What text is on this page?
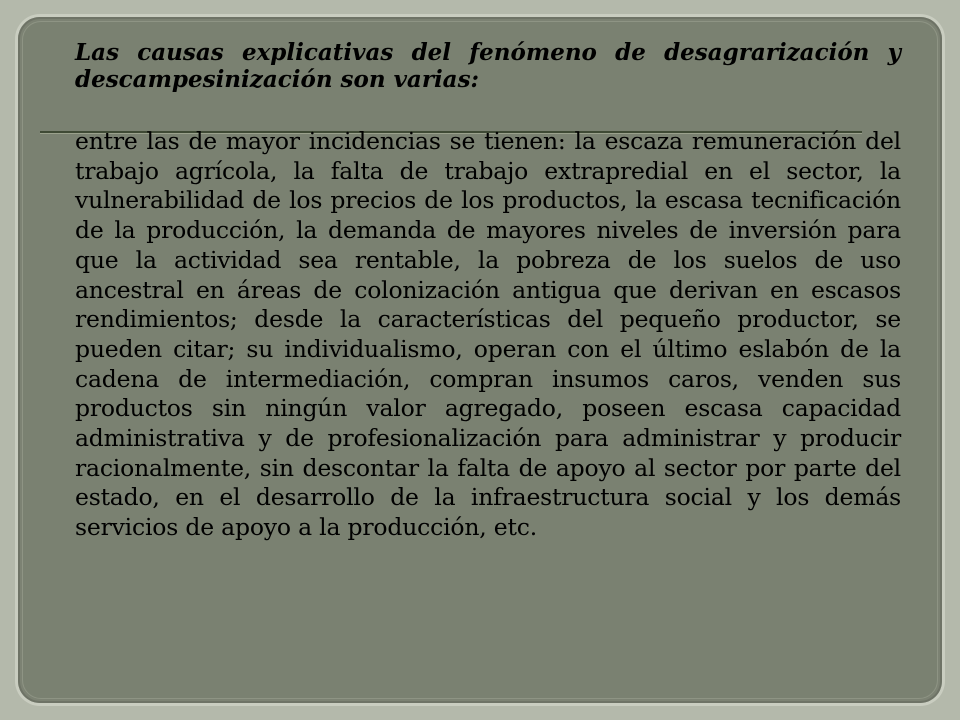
Las causas explicativas del fenómeno de desagrarización y descampesinización son varias:

entre las de mayor incidencias se tienen: la escaza remuneración del trabajo agrícola, la falta de trabajo extrapredial en el sector, la vulnerabilidad de los precios de los productos, la escasa tecnificación de la producción, la demanda de mayores niveles de inversión para que la actividad sea rentable, la pobreza de los suelos de uso ancestral en áreas de colonización antigua que derivan en escasos rendimientos; desde la características del pequeño productor, se pueden citar; su individualismo, operan con el último eslabón de la cadena de intermediación, compran insumos caros, venden sus productos sin ningún valor agregado, poseen escasa capacidad administrativa y de profesionalización para administrar y producir racionalmente, sin descontar la falta de apoyo al sector por parte del estado, en el desarrollo de la infraestructura social y los demás servicios de apoyo a la producción, etc.
